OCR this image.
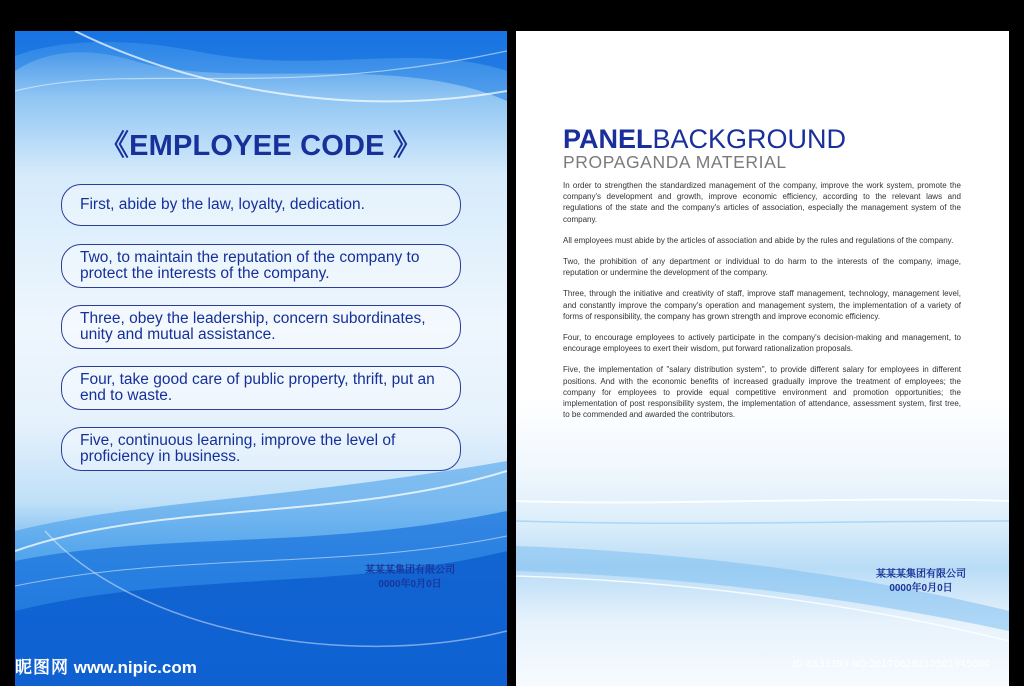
《EMPLOYEE CODE 》
First, abide by the law, loyalty, dedication.
Two, to maintain the reputation of the company to protect the interests of the company.
Three, obey the leadership, concern subordinates, unity and mutual assistance.
Four, take good care of public property, thrift, put an end to waste.
Five, continuous learning, improve the level of proficiency in business.
某某某集团有限公司
0000年0月0日
PANELBACKGROUND
PROPAGANDA MATERIAL

In order to strengthen the standardized management of the company, improve the work system, promote the company's development and growth, improve economic efficiency, according to the relevant laws and regulations of the state and the company's articles of association, especially the management system of the company.

All employees must abide by the articles of association and abide by the rules and regulations of the company.

Two, the prohibition of any department or individual to do harm to the interests of the company, image, reputation or undermine the development of the company.

Three, through the initiative and creativity of staff, improve staff management, technology, management level, and constantly improve the company's operation and management system, the implementation of a variety of forms of responsibility, the company has grown strength and improve economic efficiency.

Four, to encourage employees to actively participate in the company's decision-making and management, to encourage employees to exert their wisdom, put forward rationalization proposals.

Five, the implementation of "salary distribution system", to provide different salary for employees in different positions. And with the economic benefits of increased gradually improve the treatment of employees; the company for employees to provide equal competitive environment and promotion opportunities; the implementation of post responsibility system, the implementation of attendance, assessment system, first tree, to be commended and awarded the contributors.

某某某集团有限公司
0000年0月0日
昵图网 www.nipic.com	ID:8533399 NO:20170628210501945000
